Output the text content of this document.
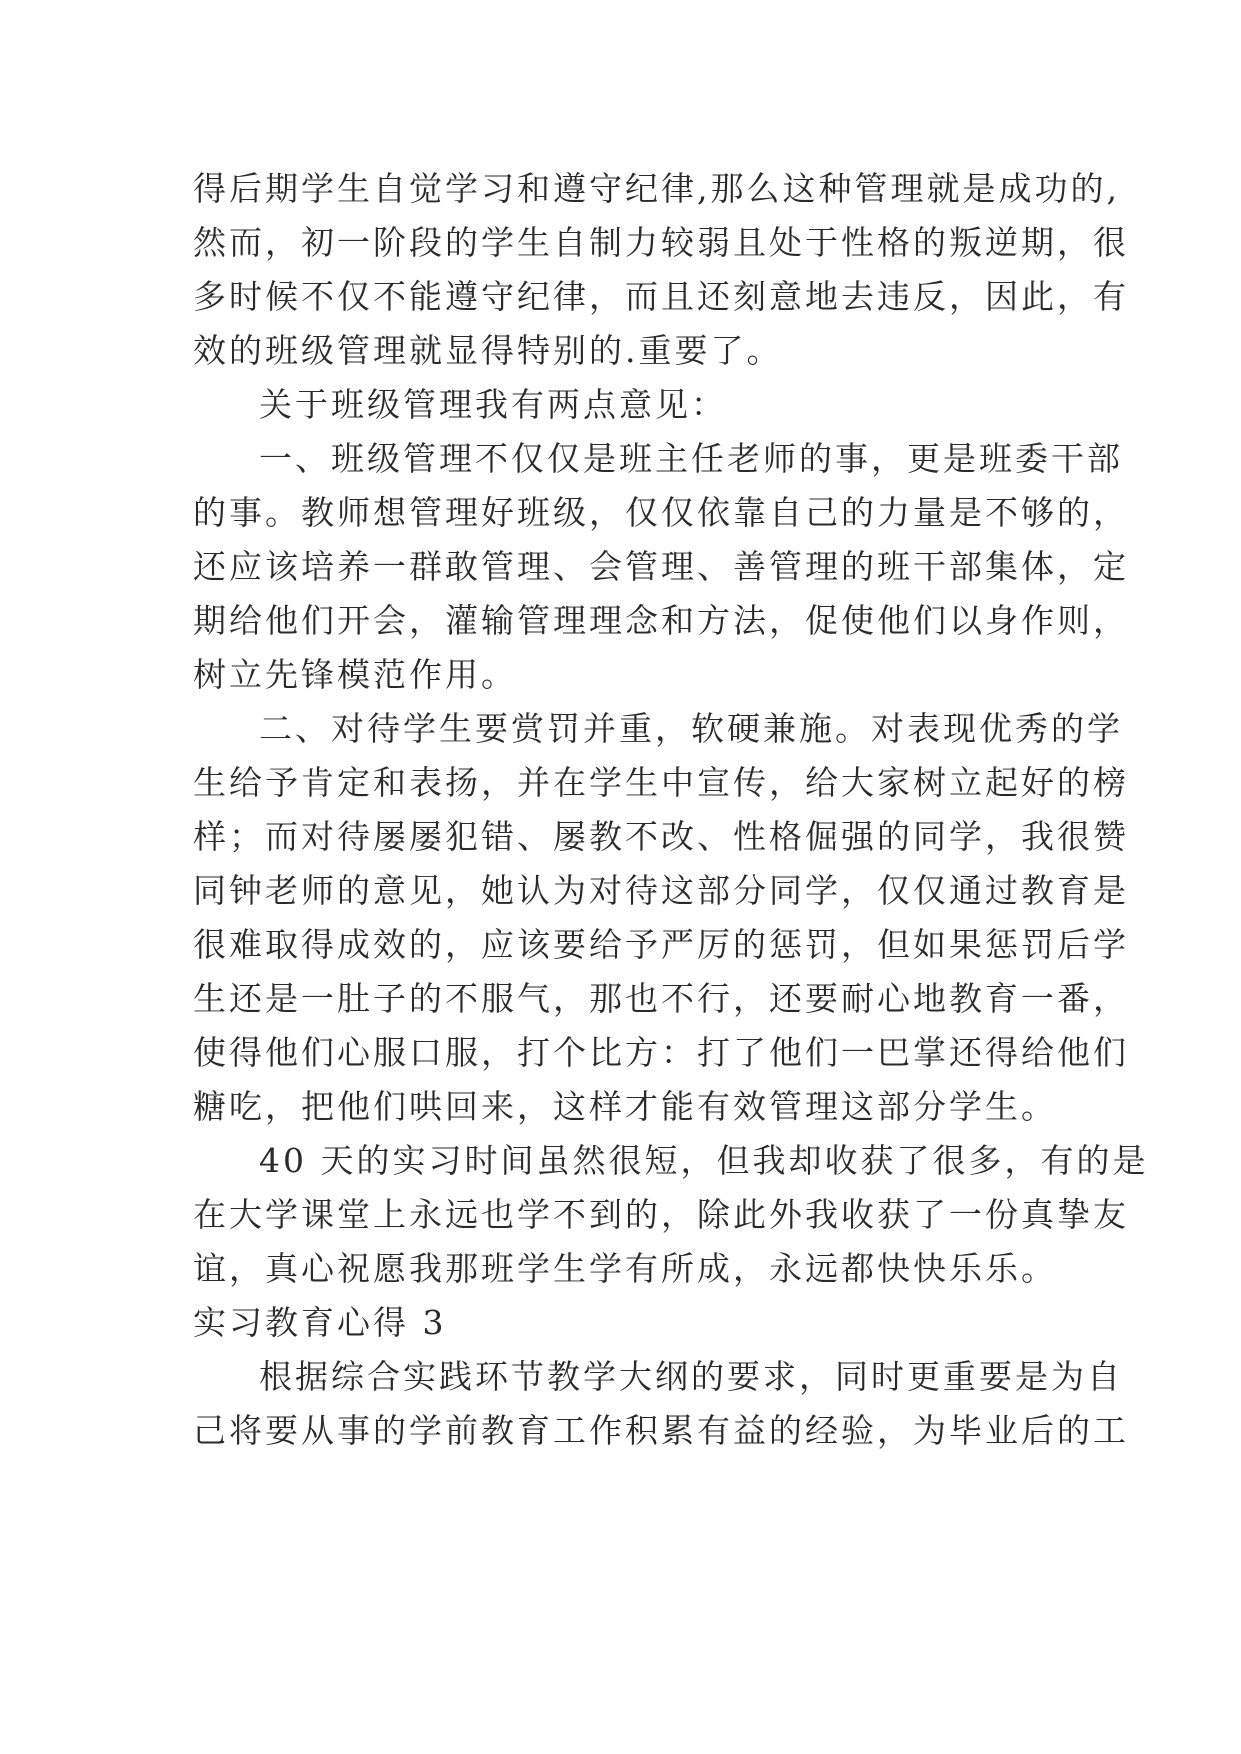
得后期学生自觉学习和遵守纪律,那么这种管理就是成功的,
然而，初一阶段的学生自制力较弱且处于性格的叛逆期，很
多时候不仅不能遵守纪律，而且还刻意地去违反，因此，有
效的班级管理就显得特别的.重要了。
关于班级管理我有两点意见：
一、班级管理不仅仅是班主任老师的事，更是班委干部
的事。教师想管理好班级，仅仅依靠自己的力量是不够的，
还应该培养一群敢管理、会管理、善管理的班干部集体，定
期给他们开会，灌输管理理念和方法，促使他们以身作则，
树立先锋模范作用。
二、对待学生要赏罚并重，软硬兼施。对表现优秀的学
生给予肯定和表扬，并在学生中宣传，给大家树立起好的榜
样；而对待屡屡犯错、屡教不改、性格倔强的同学，我很赞
同钟老师的意见，她认为对待这部分同学，仅仅通过教育是
很难取得成效的，应该要给予严厉的惩罚，但如果惩罚后学
生还是一肚子的不服气，那也不行，还要耐心地教育一番，
使得他们心服口服，打个比方：打了他们一巴掌还得给他们
糖吃，把他们哄回来，这样才能有效管理这部分学生。
40 天的实习时间虽然很短，但我却收获了很多，有的是
在大学课堂上永远也学不到的，除此外我收获了一份真挚友
谊，真心祝愿我那班学生学有所成，永远都快快乐乐。
实习教育心得 3
根据综合实践环节教学大纲的要求，同时更重要是为自
己将要从事的学前教育工作积累有益的经验，为毕业后的工
